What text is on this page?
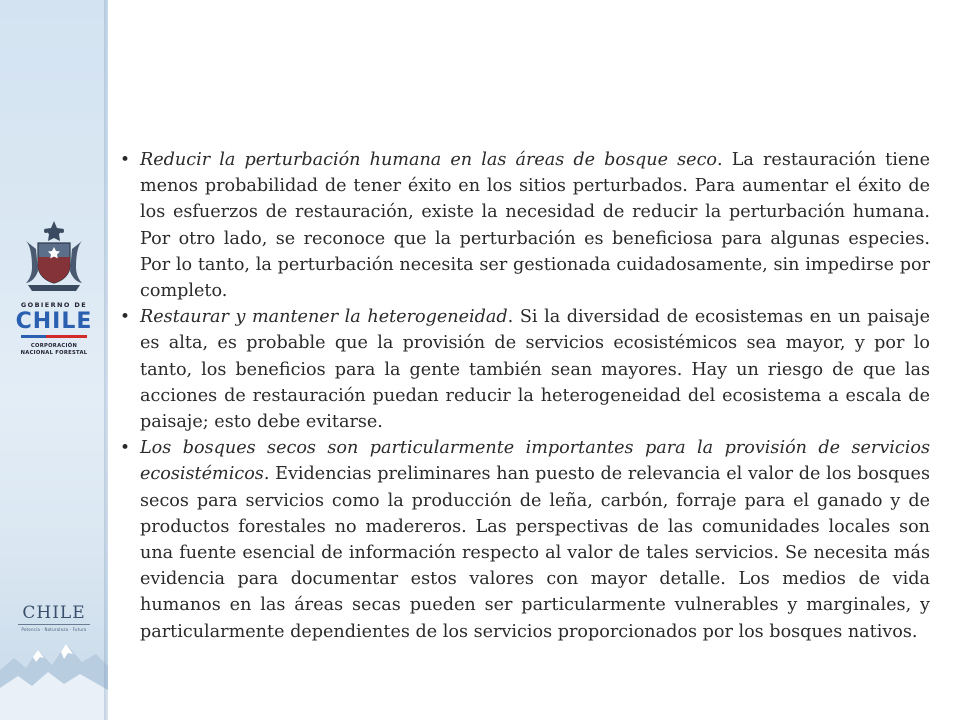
GOBIERNO DE
CHILE
CORPORACIÓN
NACIONAL FORESTAL
CHILE
Potencia · Naturaleza · Futuro
• Reducir la perturbación humana en las áreas de bosque seco. La restauración tiene menos probabilidad de tener éxito en los sitios perturbados. Para aumentar el éxito de los esfuerzos de restauración, existe la necesidad de reducir la perturbación humana. Por otro lado, se reconoce que la perturbación es beneficiosa para algunas especies. Por lo tanto, la perturbación necesita ser gestionada cuidadosamente, sin impedirse por completo.
• Restaurar y mantener la heterogeneidad. Si la diversidad de ecosistemas en un paisaje es alta, es probable que la provisión de servicios ecosistémicos sea mayor, y por lo tanto, los beneficios para la gente también sean mayores. Hay un riesgo de que las acciones de restauración puedan reducir la heterogeneidad del ecosistema a escala de paisaje; esto debe evitarse.
• Los bosques secos son particularmente importantes para la provisión de servicios ecosistémicos. Evidencias preliminares han puesto de relevancia el valor de los bosques secos para servicios como la producción de leña, carbón, forraje para el ganado y de productos forestales no madereros. Las perspectivas de las comunidades locales son una fuente esencial de información respecto al valor de tales servicios. Se necesita más evidencia para documentar estos valores con mayor detalle. Los medios de vida humanos en las áreas secas pueden ser particularmente vulnerables y marginales, y particularmente dependientes de los servicios proporcionados por los bosques nativos.
